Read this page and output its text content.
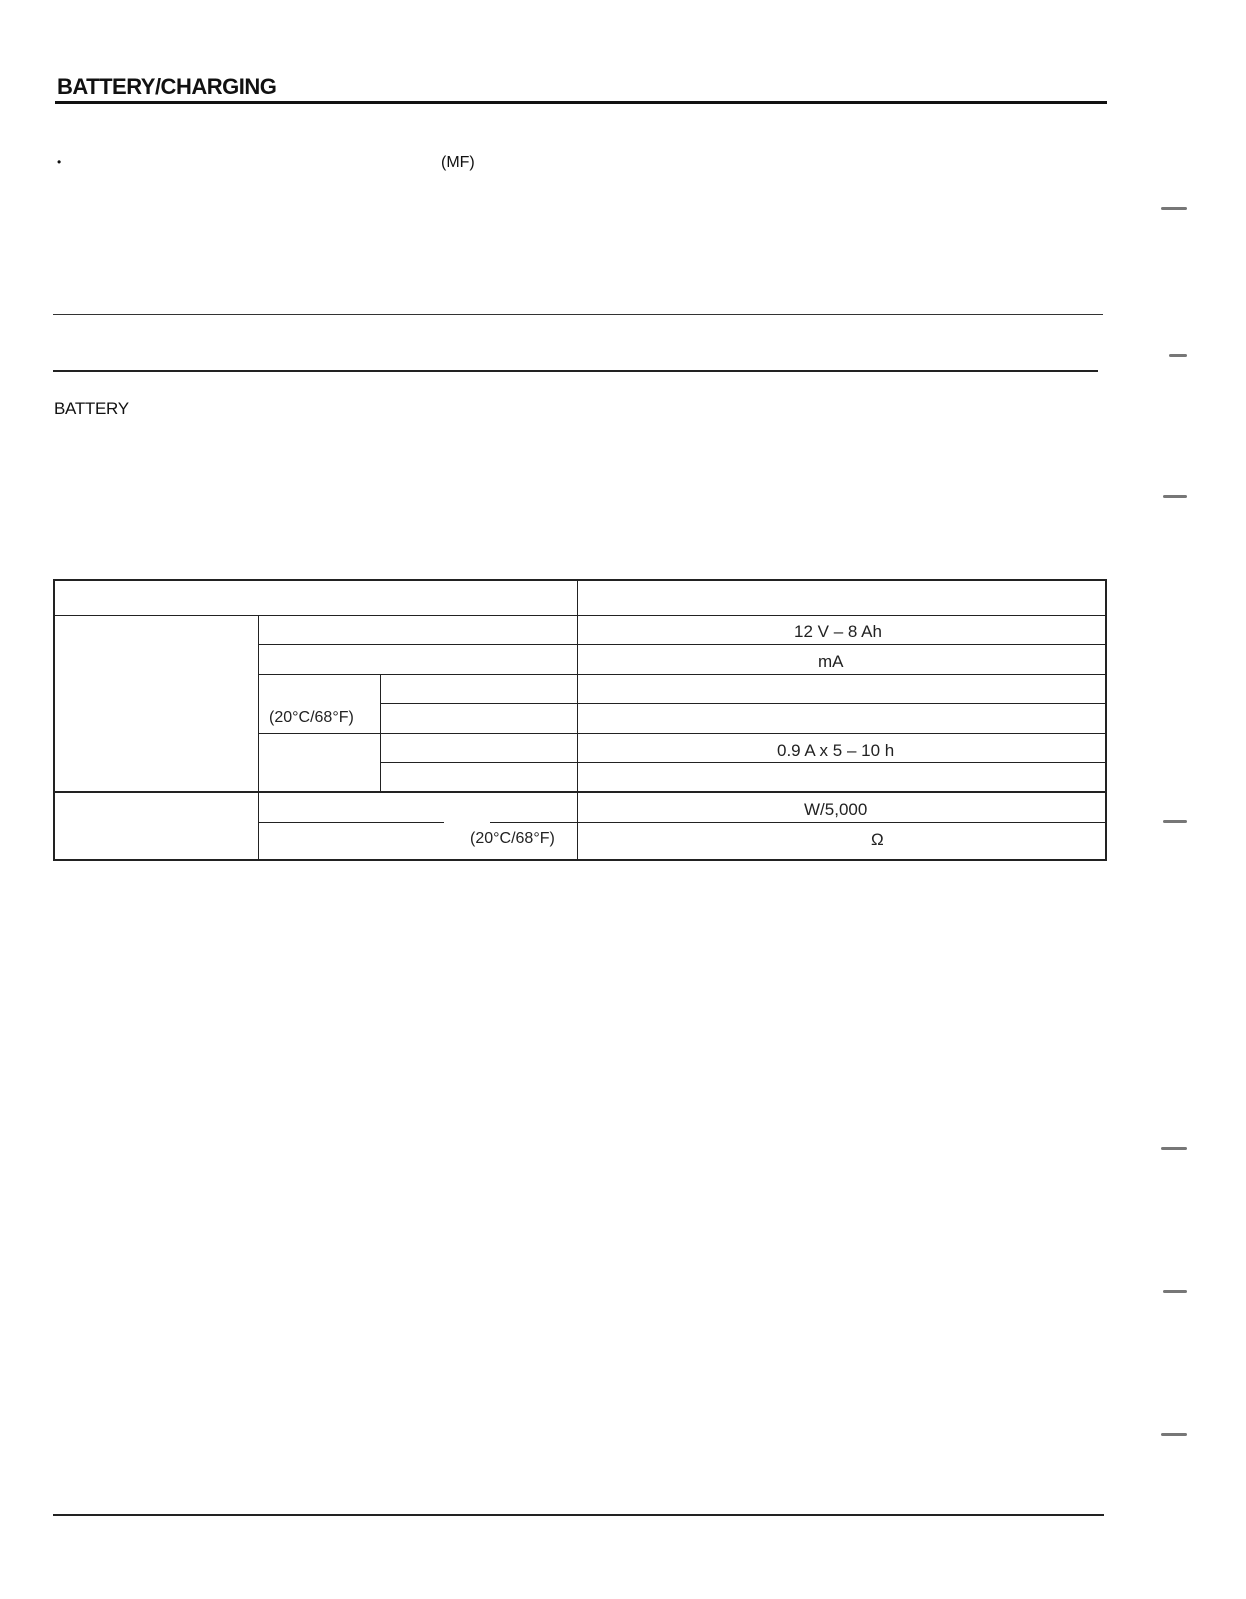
BATTERY/CHARGING
•	(MF)
BATTERY
12 V – 8 Ah
mA
(20°C/68°F)
0.9 A x 5 – 10 h
W/5,000
(20°C/68°F)	Ω
